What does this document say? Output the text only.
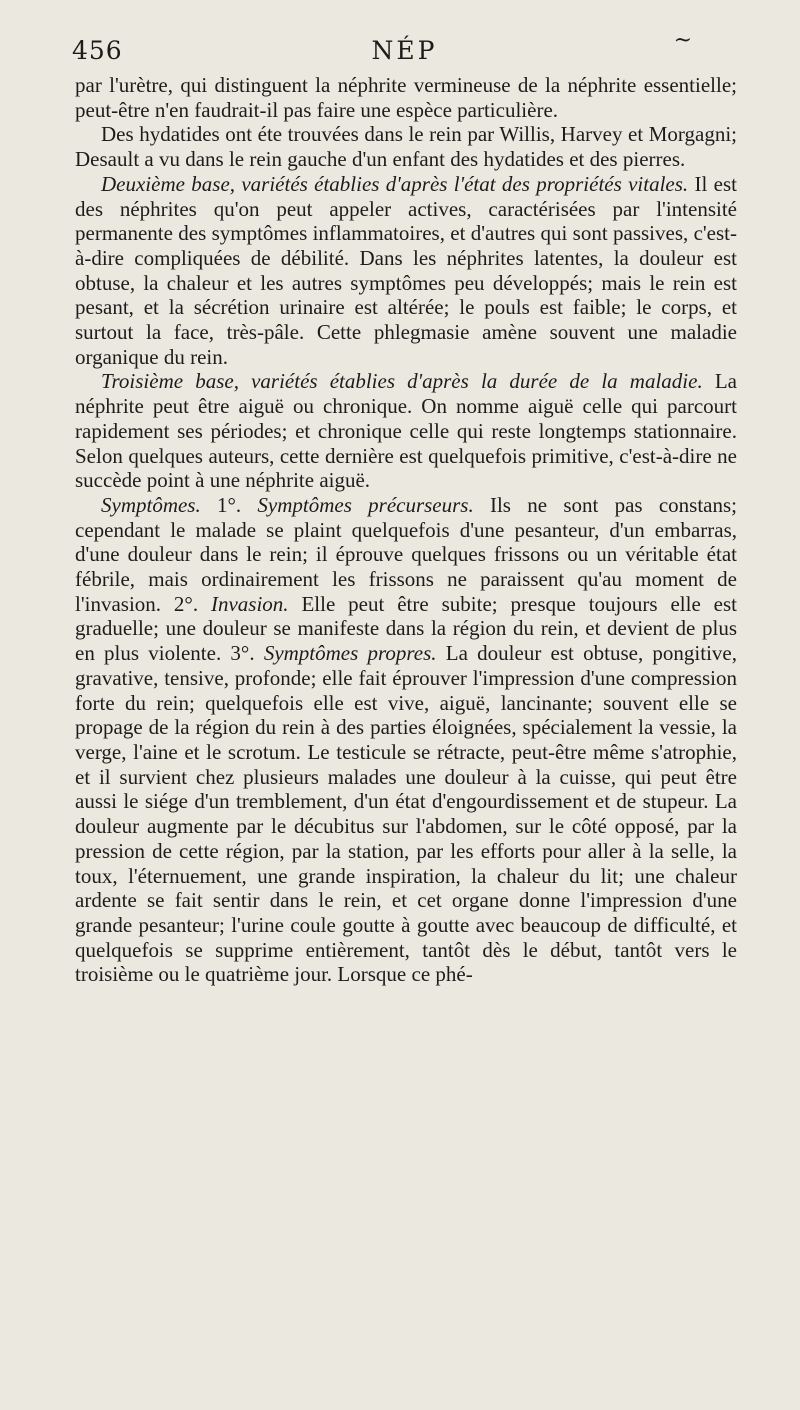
456	NÉP	~

par l'urètre, qui distinguent la néphrite vermineuse de la néphrite essentielle; peut-être n'en faudrait-il pas faire une espèce particulière.

Des hydatides ont éte trouvées dans le rein par Willis, Harvey et Morgagni; Desault a vu dans le rein gauche d'un enfant des hydatides et des pierres.

Deuxième base, variétés établies d'après l'état des propriétés vitales. Il est des néphrites qu'on peut appeler actives, caractérisées par l'intensité permanente des symptômes inflammatoires, et d'autres qui sont passives, c'est-à-dire compliquées de débilité. Dans les néphrites latentes, la douleur est obtuse, la chaleur et les autres symptômes peu développés; mais le rein est pesant, et la sécrétion urinaire est altérée; le pouls est faible; le corps, et surtout la face, très-pâle. Cette phlegmasie amène souvent une maladie organique du rein.

Troisième base, variétés établies d'après la durée de la maladie. La néphrite peut être aiguë ou chronique. On nomme aiguë celle qui parcourt rapidement ses périodes; et chronique celle qui reste longtemps stationnaire. Selon quelques auteurs, cette dernière est quelquefois primitive, c'est-à-dire ne succède point à une néphrite aiguë.

Symptômes. 1°. Symptômes précurseurs. Ils ne sont pas constans; cependant le malade se plaint quelquefois d'une pesanteur, d'un embarras, d'une douleur dans le rein; il éprouve quelques frissons ou un véritable état fébrile, mais ordinairement les frissons ne paraissent qu'au moment de l'invasion. 2°. Invasion. Elle peut être subite; presque toujours elle est graduelle; une douleur se manifeste dans la région du rein, et devient de plus en plus violente. 3°. Symptômes propres. La douleur est obtuse, pongitive, gravative, tensive, profonde; elle fait éprouver l'impression d'une compression forte du rein; quelquefois elle est vive, aiguë, lancinante; souvent elle se propage de la région du rein à des parties éloignées, spécialement la vessie, la verge, l'aine et le scrotum. Le testicule se rétracte, peut-être même s'atrophie, et il survient chez plusieurs malades une douleur à la cuisse, qui peut être aussi le siége d'un tremblement, d'un état d'engourdissement et de stupeur. La douleur augmente par le décubitus sur l'abdomen, sur le côté opposé, par la pression de cette région, par la station, par les efforts pour aller à la selle, la toux, l'éternuement, une grande inspiration, la chaleur du lit; une chaleur ardente se fait sentir dans le rein, et cet organe donne l'impression d'une grande pesanteur; l'urine coule goutte à goutte avec beaucoup de difficulté, et quelquefois se supprime entièrement, tantôt dès le début, tantôt vers le troisième ou le quatrième jour. Lorsque ce phé-
